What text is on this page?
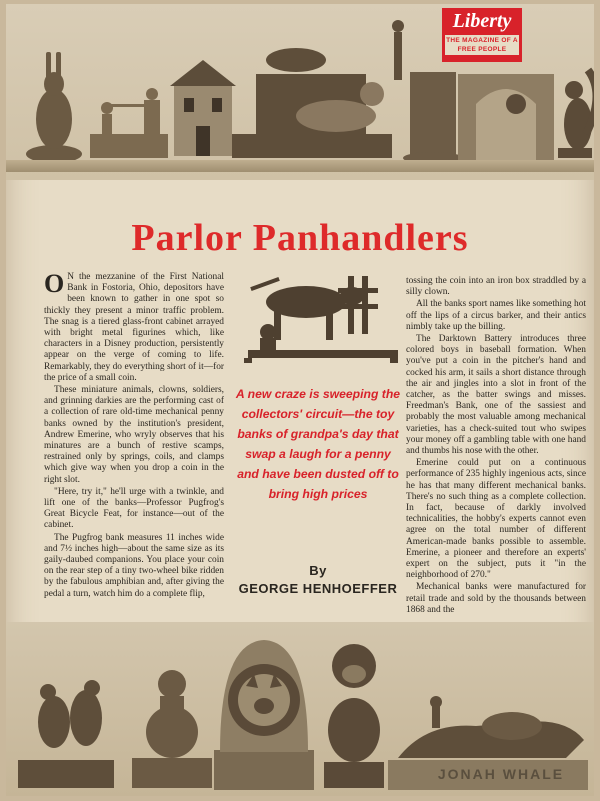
Liberty
THE MAGAZINE OF A FREE PEOPLE
Parlor Panhandlers

O N the mezzanine of the First National Bank in Fostoria, Ohio, depositors have been known to gather in one spot so thickly they present a minor traffic problem. The snag is a tiered glass-front cabinet arrayed with bright metal figurines which, like characters in a Disney production, persistently appear on the verge of coming to life. Remarkably, they do everything short of it—for the price of a small coin.

These miniature animals, clowns, soldiers, and grinning darkies are the performing cast of a collection of rare old-time mechanical penny banks owned by the institution's president, Andrew Emerine, who wryly observes that his minatures are a bunch of restive scamps, restrained only by springs, coils, and clamps which give way when you drop a coin in the right slot.

"Here, try it," he'll urge with a twinkle, and lift one of the banks—Professor Pugfrog's Great Bicycle Feat, for instance—out of the cabinet.

The Pugfrog bank measures 11 inches wide and 7½ inches high—about the same size as its gaily-daubed companions. You place your coin on the rear step of a tiny two-wheel bike ridden by the fabulous amphibian and, after giving the pedal a turn, watch him do a complete flip,

A new craze is sweeping the collectors' circuit—the toy banks of grandpa's day that swap a laugh for a penny and have been dusted off to bring high prices

By
GEORGE HENHOEFFER

tossing the coin into an iron box straddled by a silly clown.

All the banks sport names like something hot off the lips of a circus barker, and their antics nimbly take up the billing.

The Darktown Battery introduces three colored boys in baseball formation. When you've put a coin in the pitcher's hand and cocked his arm, it sails a short distance through the air and jingles into a slot in front of the catcher, as the batter swings and misses. Freedman's Bank, one of the sassiest and probably the most valuable among mechanical varieties, has a check-suited tout who swipes your money off a gambling table with one hand and thumbs his nose with the other.

Emerine could put on a continuous performance of 235 highly ingenious acts, since he has that many different mechanical banks. There's no such thing as a complete collection. In fact, because of darkly involved technicalities, the hobby's experts cannot even agree on the total number of different American-made banks possible to assemble. Emerine, a pioneer and therefore an experts' expert on the subject, puts it "in the neighborhood of 270."

Mechanical banks were manufactured for retail trade and sold by the thousands between 1868 and the

JONAH WHALE
